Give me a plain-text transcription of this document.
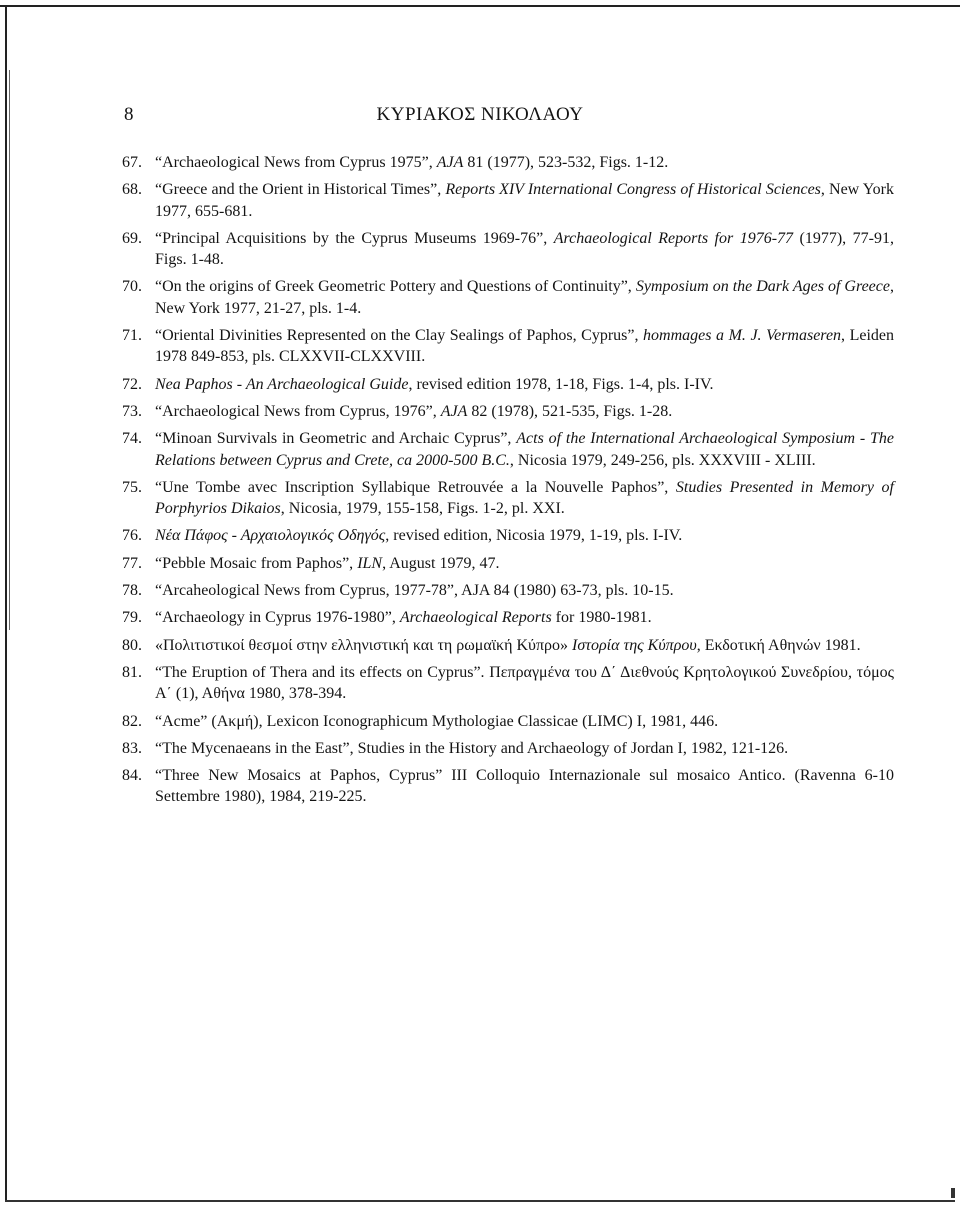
8	ΚΥΡΙΑΚΟΣ ΝΙΚΟΛΑΟΥ
67. “Archaeological News from Cyprus 1975”, AJA 81 (1977), 523-532, Figs. 1-12.
68. “Greece and the Orient in Historical Times”, Reports XIV International Congress of Historical Sciences, New York 1977, 655-681.
69. “Principal Acquisitions by the Cyprus Museums 1969-76”, Archaeological Reports for 1976-77 (1977), 77-91, Figs. 1-48.
70. “On the origins of Greek Geometric Pottery and Questions of Continuity”, Symposium on the Dark Ages of Greece, New York 1977, 21-27, pls. 1-4.
71. “Oriental Divinities Represented on the Clay Sealings of Paphos, Cyprus”, hommages a M. J. Vermaseren, Leiden 1978 849-853, pls. CLXXVII-CLXXVIII.
72. Nea Paphos - An Archaeological Guide, revised edition 1978, 1-18, Figs. 1-4, pls. I-IV.
73. “Archaeological News from Cyprus, 1976”, AJA 82 (1978), 521-535, Figs. 1-28.
74. “Minoan Survivals in Geometric and Archaic Cyprus”, Acts of the International Archaeological Symposium - The Relations between Cyprus and Crete, ca 2000-500 B.C., Nicosia 1979, 249-256, pls. XXXVIII - XLIII.
75. “Une Tombe avec Inscription Syllabique Retrouvée a la Nouvelle Paphos”, Studies Presented in Memory of Porphyrios Dikaios, Nicosia, 1979, 155-158, Figs. 1-2, pl. XXI.
76. Νέα Πάφος - Αρχαιολογικός Οδηγός, revised edition, Nicosia 1979, 1-19, pls. I-IV.
77. “Pebble Mosaic from Paphos”, ILN, August 1979, 47.
78. “Arcaheological News from Cyprus, 1977-78”, AJA 84 (1980) 63-73, pls. 10-15.
79. “Archaeology in Cyprus 1976-1980”, Archaeological Reports for 1980-1981.
80. «Πολιτιστικοί θεσμοί στην ελληνιστική και τη ρωμαϊκή Κύπρο» Ιστορία της Κύπρου, Εκδοτική Αθηνών 1981.
81. “The Eruption of Thera and its effects on Cyprus”. Πεπραγμένα του Δ΄ Διεθνούς Κρητολογικού Συνεδρίου, τόμος Α΄ (1), Αθήνα 1980, 378-394.
82. “Acme” (Ακμή), Lexicon Iconographicum Mythologiae Classicae (LIMC) I, 1981, 446.
83. “The Mycenaeans in the East”, Studies in the History and Archaeology of Jordan I, 1982, 121-126.
84. “Three New Mosaics at Paphos, Cyprus” III Colloquio Internazionale sul mosaico Antico. (Ravenna 6-10 Settembre 1980), 1984, 219-225.
